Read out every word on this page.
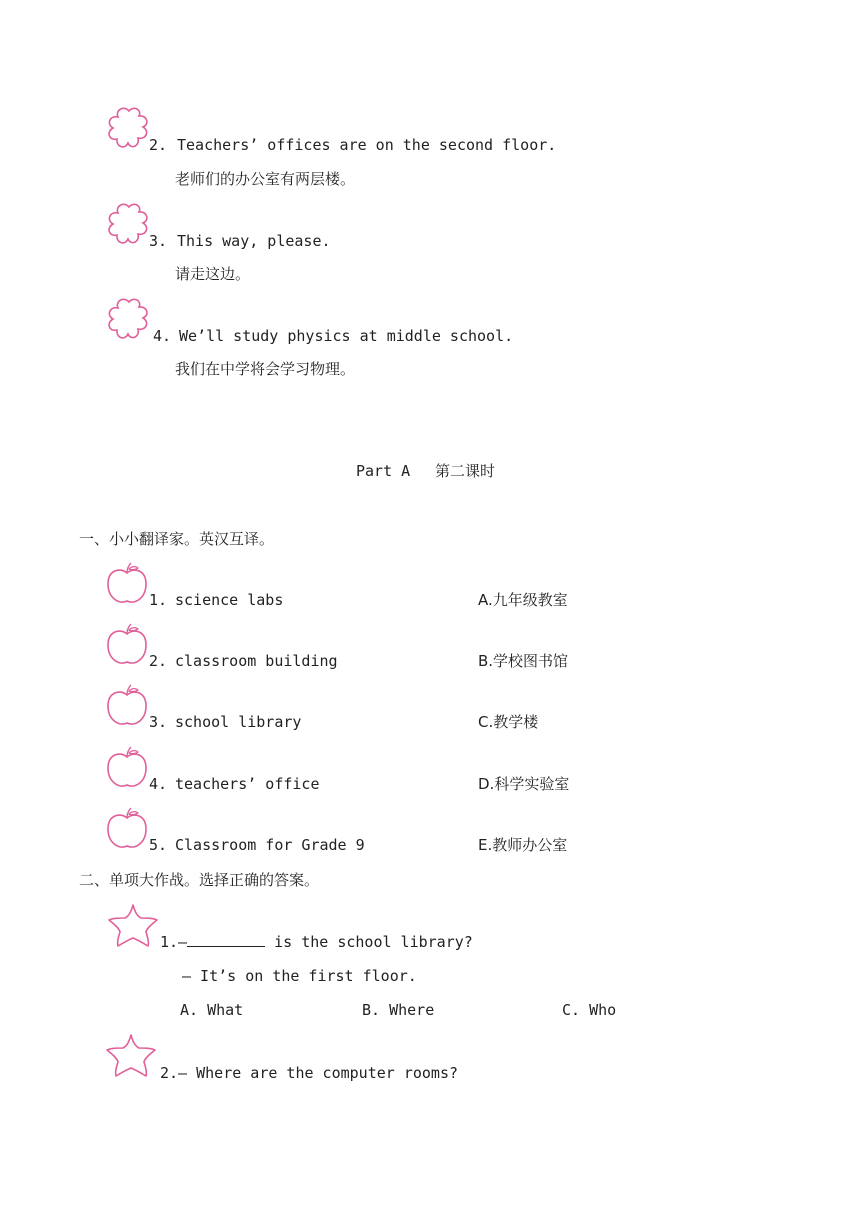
2. Teachers’ offices are on the second floor.
老师们的办公室有两层楼。
3. This way, please.
请走这边。
4. We’ll study physics at middle school.
我们在中学将会学习物理。
Part A 第二课时
一、小小翻译家。英汉互译。
1. science labs	A.九年级教室
2. classroom building	B.学校图书馆
3. school library	C.教学楼
4. teachers’ office	D.科学实验室
5. Classroom for Grade 9	E.教师办公室
二、单项大作战。选择正确的答案。
1.—	is the school library?
— It’s on the first floor.
A. What	B. Where	C. Who
2.— Where are the computer rooms?
